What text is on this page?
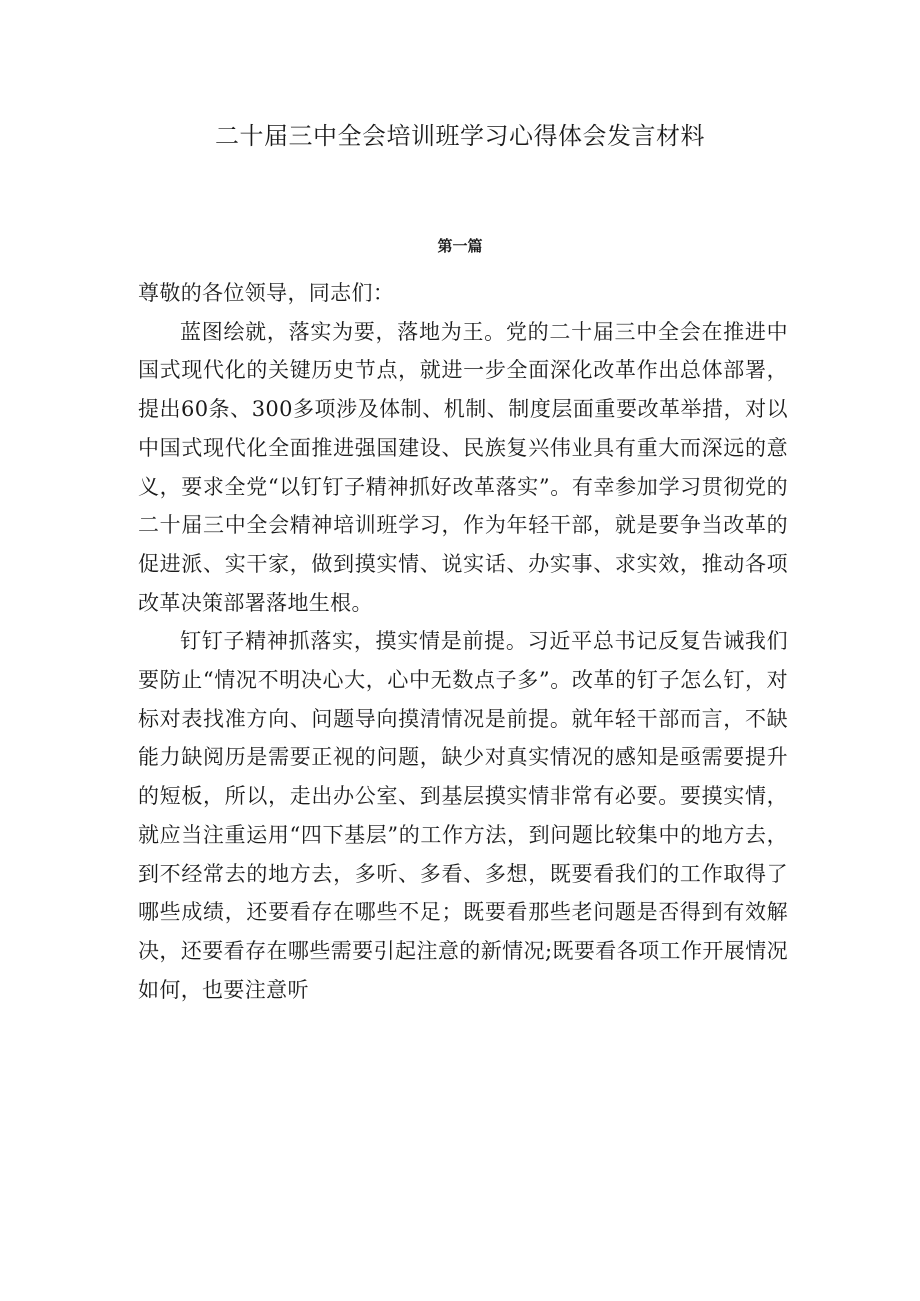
二十届三中全会培训班学习心得体会发言材料
第一篇

尊敬的各位领导，同志们：

蓝图绘就，落实为要，落地为王。党的二十届三中全会在推进中国式现代化的关键历史节点，就进一步全面深化改革作出总体部署，提出60条、300多项涉及体制、机制、制度层面重要改革举措，对以中国式现代化全面推进强国建设、民族复兴伟业具有重大而深远的意义，要求全党“以钉钉子精神抓好改革落实”。有幸参加学习贯彻党的二十届三中全会精神培训班学习，作为年轻干部，就是要争当改革的促进派、实干家，做到摸实情、说实话、办实事、求实效，推动各项改革决策部署落地生根。

钉钉子精神抓落实，摸实情是前提。习近平总书记反复告诫我们要防止“情况不明决心大，心中无数点子多”。改革的钉子怎么钉，对标对表找准方向、问题导向摸清情况是前提。就年轻干部而言，不缺能力缺阅历是需要正视的问题，缺少对真实情况的感知是亟需要提升的短板，所以，走出办公室、到基层摸实情非常有必要。要摸实情，就应当注重运用“四下基层”的工作方法，到问题比较集中的地方去，到不经常去的地方去，多听、多看、多想，既要看我们的工作取得了哪些成绩，还要看存在哪些不足；既要看那些老问题是否得到有效解决，还要看存在哪些需要引起注意的新情况;既要看各项工作开展情况如何，也要注意听
